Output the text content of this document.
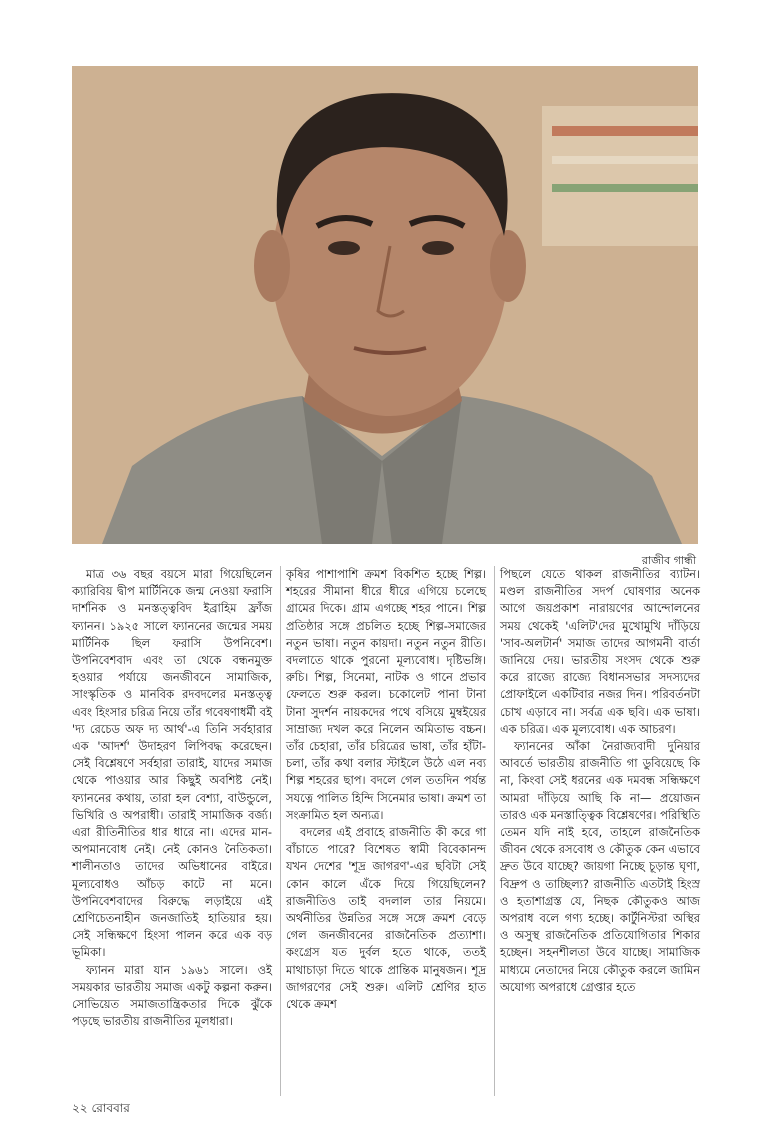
রাজীব গান্ধী

মাত্র ৩৬ বছর বয়সে মারা গিয়েছিলেন ক্যারিবিয় দ্বীপ মার্টিনিকে জন্ম নেওয়া ফরাসি দার্শনিক ও মনস্তত্ত্ববিদ ইব্রাহিম ফ্রাঁজ ফ্যানন। ১৯২৫ সালে ফ্যাননের জন্মের সময় মার্টিনিক ছিল ফরাসি উপনিবেশ। উপনিবেশবাদ এবং তা থেকে বন্ধনমুক্ত হওয়ার পর্যায়ে জনজীবনে সামাজিক, সাংস্কৃতিক ও মানবিক রদবদলের মনস্তত্ত্ব এবং হিংসার চরিত্র নিয়ে তাঁর গবেষণাধর্মী বই 'দ্য রেচেড অফ দ্য আর্থ'-এ তিনি সর্বহারার এক 'আদর্শ' উদাহরণ লিপিবদ্ধ করেছেন। সেই বিশ্লেষণে সর্বহারা তারাই, যাদের সমাজ থেকে পাওয়ার আর কিছুই অবশিষ্ট নেই। ফ্যাননের কথায়, তারা হল বেশ্যা, বাউন্ডুলে, ভিখিরি ও অপরাধী। তারাই সামাজিক বর্জ্য। এরা রীতিনীতির ধার ধারে না। এদের মান-অপমানবোধ নেই। নেই কোনও নৈতিকতা। শালীনতাও তাদের অভিধানের বাইরে। মূল্যবোধও আঁচড় কাটে না মনে। উপনিবেশবাদের বিরুদ্ধে লড়াইয়ে এই শ্রেণিচেতনাহীন জনজাতিই হাতিয়ার হয়। সেই সন্ধিক্ষণে হিংসা পালন করে এক বড় ভূমিকা।

ফ্যানন মারা যান ১৯৬১ সালে। ওই সময়কার ভারতীয় সমাজ একটু কল্পনা করুন। সোভিয়েত সমাজতান্ত্রিকতার দিকে ঝুঁকে পড়ছে ভারতীয় রাজনীতির মূলধারা।

কৃষির পাশাপাশি ক্রমশ বিকশিত হচ্ছে শিল্প। শহরের সীমানা ধীরে ধীরে এগিয়ে চলেছে গ্রামের দিকে। গ্রাম এগচ্ছে শহর পানে। শিল্প প্রতিষ্ঠার সঙ্গে প্রচলিত হচ্ছে শিল্প-সমাজের নতুন ভাষা। নতুন কায়দা। নতুন নতুন রীতি। বদলাতে থাকে পুরনো মূল্যবোধ। দৃষ্টিভঙ্গি। রুচি। শিল্প, সিনেমা, নাটক ও গানে প্রভাব ফেলতে শুরু করল। চকোলেট পানা টানা টানা সুদর্শন নায়কদের পথে বসিয়ে মুম্বইয়ের সাম্রাজ্য দখল করে নিলেন অমিতাভ বচ্চন। তাঁর চেহারা, তাঁর চরিত্রের ভাষা, তাঁর হাঁটা-চলা, তাঁর কথা বলার স্টাইলে উঠে এল নব্য শিল্প শহরের ছাপ। বদলে গেল ততদিন পর্যন্ত সযত্নে পালিত হিন্দি সিনেমার ভাষা। ক্রমশ তা সংক্রামিত হল অন্যত্র।

বদলের এই প্রবাহে রাজনীতি কী করে গা বাঁচাতে পারে? বিশেষত স্বামী বিবেকানন্দ যখন দেশের 'শূদ্র জাগরণ'-এর ছবিটা সেই কোন কালে এঁকে দিয়ে গিয়েছিলেন? রাজনীতিও তাই বদলাল তার নিয়মে। অর্থনীতির উন্নতির সঙ্গে সঙ্গে ক্রমশ বেড়ে গেল জনজীবনের রাজনৈতিক প্রত্যাশা। কংগ্রেস যত দুর্বল হতে থাকে, ততই মাথাচাড়া দিতে থাকে প্রান্তিক মানুষজন। শূদ্র জাগরণের সেই শুরু। এলিট শ্রেণির হাত থেকে ক্রমশ

পিছলে যেতে থাকল রাজনীতির ব্যাটন। মণ্ডল রাজনীতির সদর্প ঘোষণার অনেক আগে জয়প্রকাশ নারায়ণের আন্দোলনের সময় থেকেই 'এলিট'দের মুখোমুখি দাঁড়িয়ে 'সাব-অলটার্ন' সমাজ তাদের আগমনী বার্তা জানিয়ে দেয়। ভারতীয় সংসদ থেকে শুরু করে রাজ্যে রাজ্যে বিধানসভার সদস্যদের প্রোফাইলে একটিবার নজর দিন। পরিবর্তনটা চোখ এড়াবে না। সর্বত্র এক ছবি। এক ভাষা। এক চরিত্র। এক মূল্যবোধ। এক আচরণ।

ফ্যাননের আঁকা নৈরাজ্যবাদী দুনিয়ার আবর্তে ভারতীয় রাজনীতি গা ডুবিয়েছে কি না, কিংবা সেই ধরনের এক দমবন্ধ সন্ধিক্ষণে আমরা দাঁড়িয়ে আছি কি না— প্রয়োজন তারও এক মনস্তাত্ত্বিক বিশ্লেষণের। পরিস্থিতি তেমন যদি নাই হবে, তাহলে রাজনৈতিক জীবন থেকে রসবোধ ও কৌতুক কেন এভাবে দ্রুত উবে যাচ্ছে? জায়গা নিচ্ছে চূড়ান্ত ঘৃণা, বিদ্রুপ ও তাচ্ছিল্য? রাজনীতি এতটাই হিংস্র ও হতাশাগ্রস্ত যে, নিছক কৌতুকও আজ অপরাধ বলে গণ্য হচ্ছে। কার্টুনিস্টরা অস্থির ও অসুস্থ রাজনৈতিক প্রতিযোগিতার শিকার হচ্ছেন। সহনশীলতা উবে যাচ্ছে। সামাজিক মাধ্যমে নেতাদের নিয়ে কৌতুক করলে জামিন অযোগ্য অপরাধে গ্রেপ্তার হতে

২২ রোববার
